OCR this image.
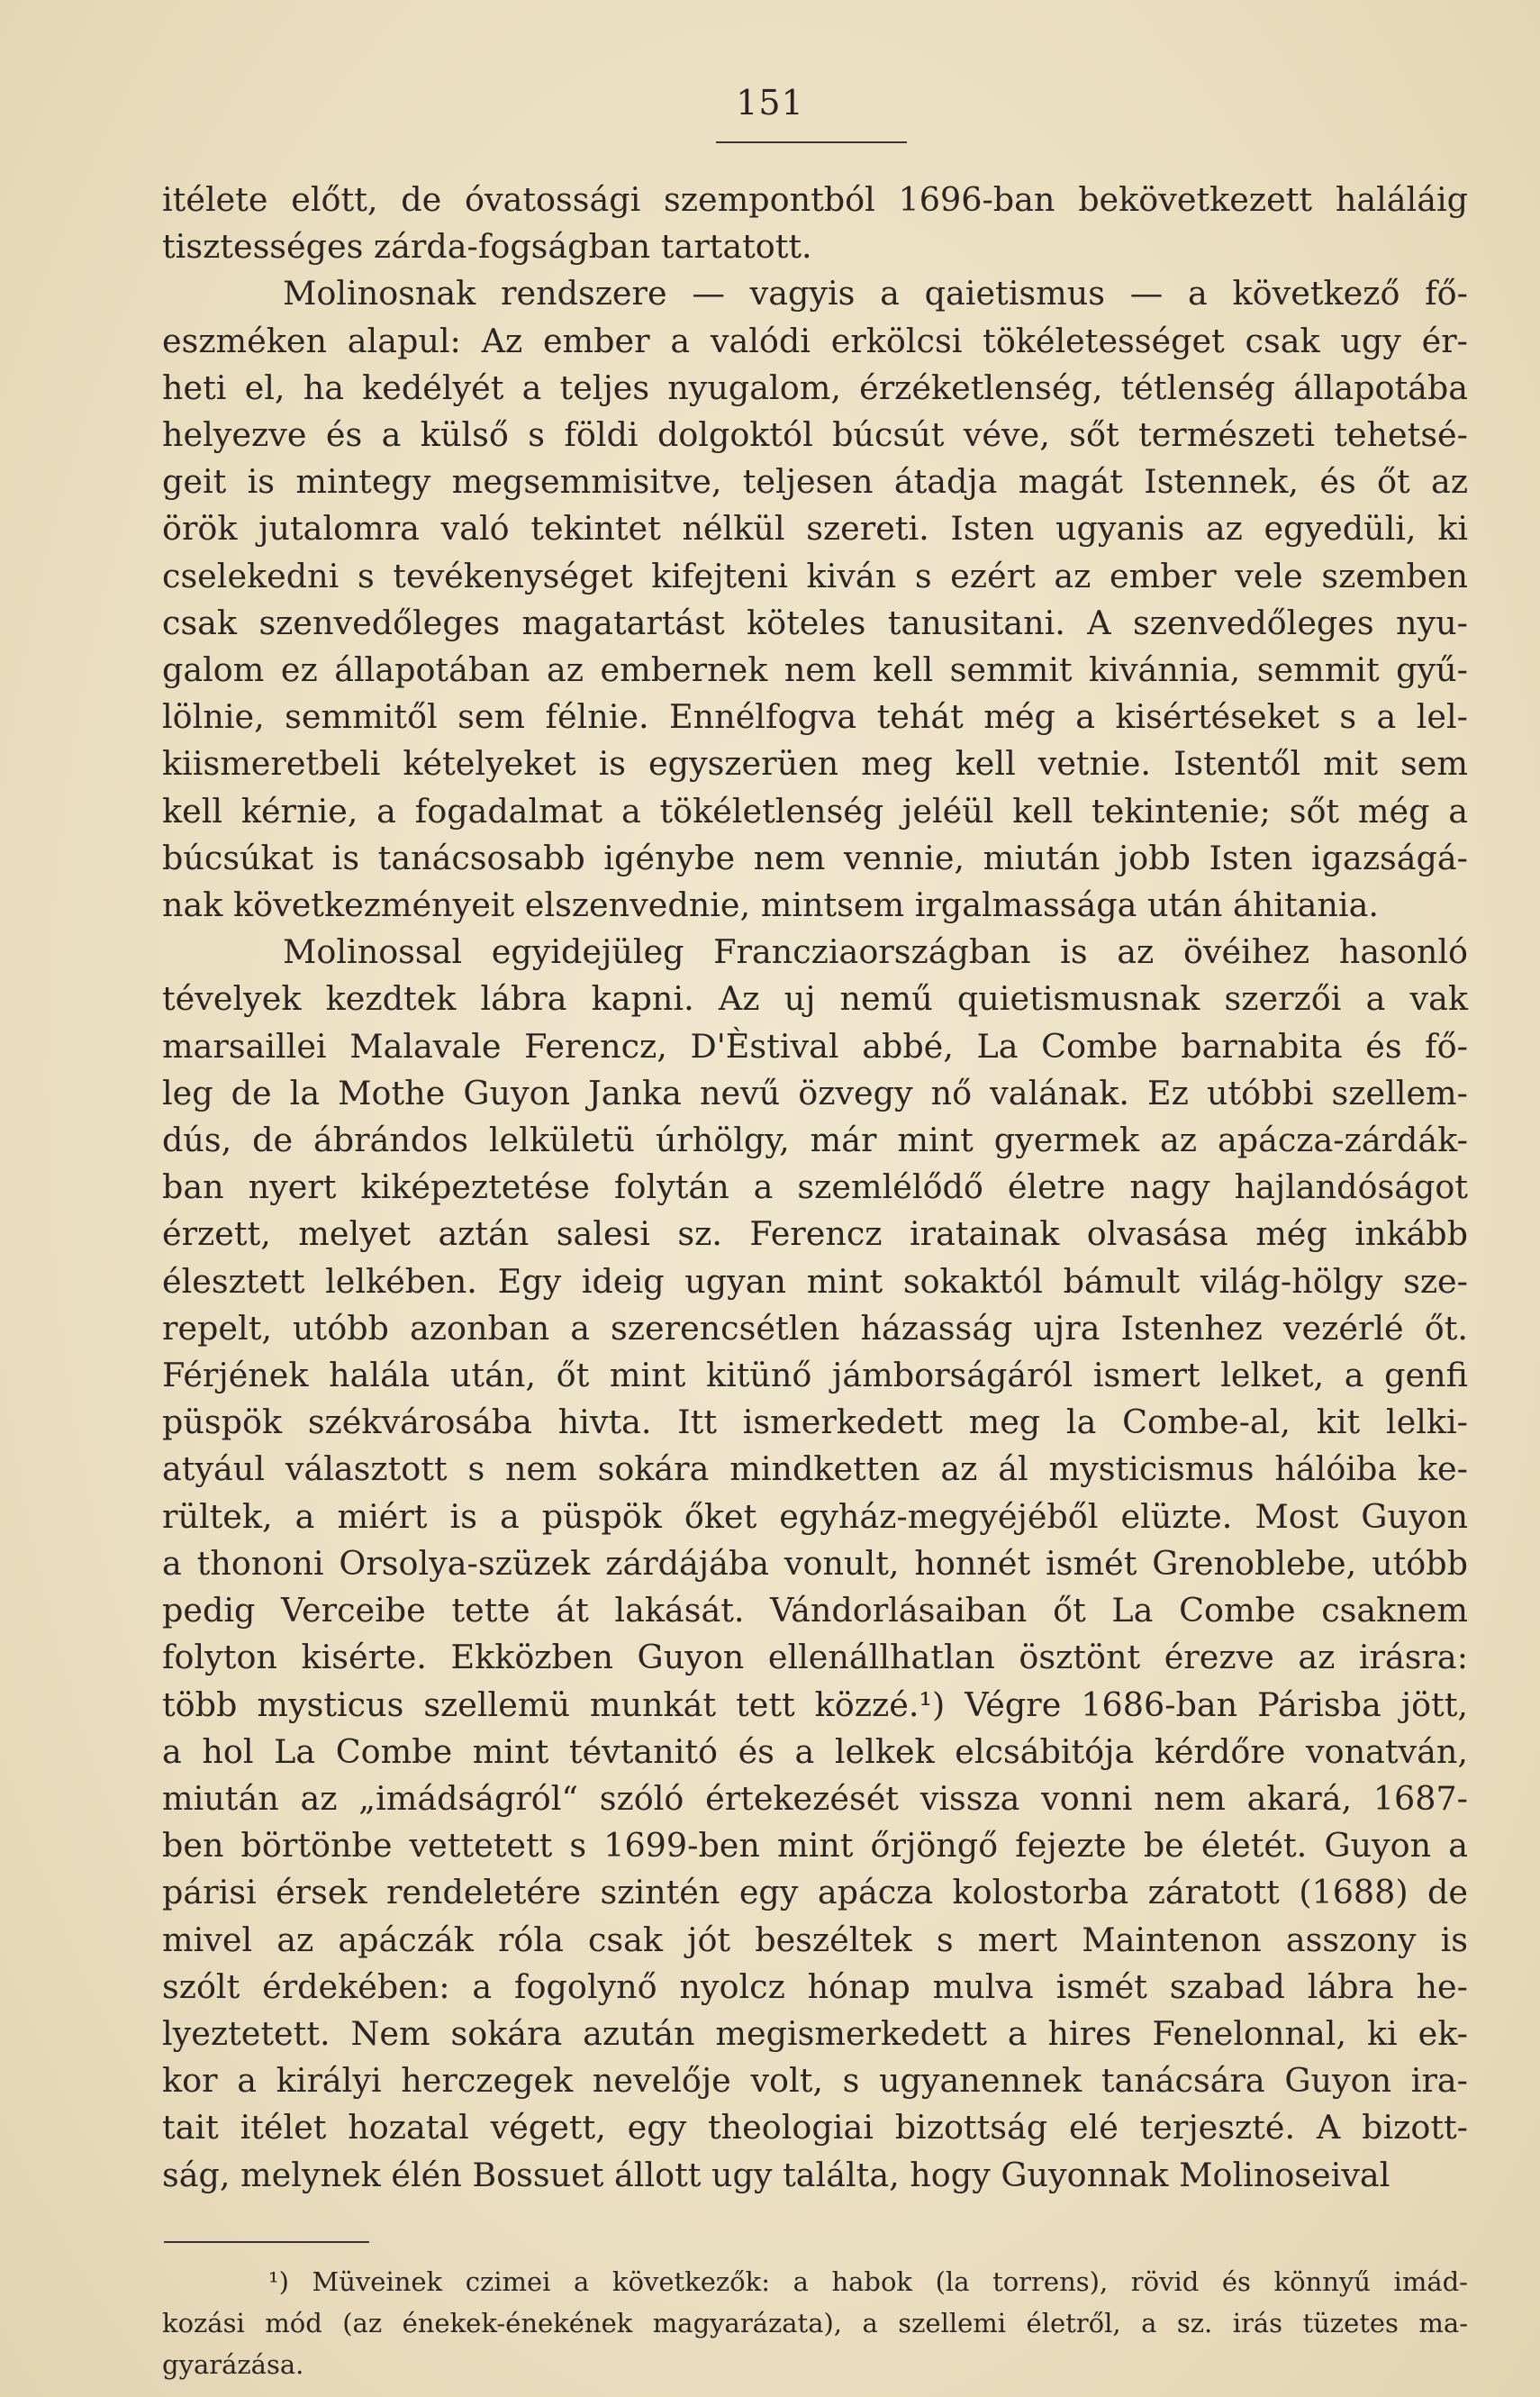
151

itélete előtt, de óvatossági szempontból 1696-ban bekövetkezett haláláig
tisztességes zárda-fogságban tartatott.

Molinosnak rendszere — vagyis a qaietismus — a következő fő-
eszméken alapul: Az ember a valódi erkölcsi tökéletességet csak ugy ér-
heti el, ha kedélyét a teljes nyugalom, érzéketlenség, tétlenség állapotába
helyezve és a külső s földi dolgoktól búcsút véve, sőt természeti tehetsé-
geit is mintegy megsemmisitve, teljesen átadja magát Istennek, és őt az
örök jutalomra való tekintet nélkül szereti. Isten ugyanis az egyedüli, ki
cselekedni s tevékenységet kifejteni kiván s ezért az ember vele szemben
csak szenvedőleges magatartást köteles tanusitani. A szenvedőleges nyu-
galom ez állapotában az embernek nem kell semmit kivánnia, semmit gyű-
lölnie, semmitől sem félnie. Ennélfogva tehát még a kisértéseket s a lel-
kiismeretbeli kételyeket is egyszerüen meg kell vetnie. Istentől mit sem
kell kérnie, a fogadalmat a tökéletlenség jeléül kell tekintenie; sőt még a
búcsúkat is tanácsosabb igénybe nem vennie, miután jobb Isten igazságá-
nak következményeit elszenvednie, mintsem irgalmassága után áhitania.

Molinossal egyidejüleg Francziaországban is az övéihez hasonló
tévelyek kezdtek lábra kapni. Az uj nemű quietismusnak szerzői a vak
marsaillei Malavale Ferencz, D'Èstival abbé, La Combe barnabita és fő-
leg de la Mothe Guyon Janka nevű özvegy nő valának. Ez utóbbi szellem-
dús, de ábrándos lelkületü úrhölgy, már mint gyermek az apácza-zárdák-
ban nyert kiképeztetése folytán a szemlélődő életre nagy hajlandóságot
érzett, melyet aztán salesi sz. Ferencz iratainak olvasása még inkább
élesztett lelkében. Egy ideig ugyan mint sokaktól bámult világ-hölgy sze-
repelt, utóbb azonban a szerencsétlen házasság ujra Istenhez vezérlé őt.
Férjének halála után, őt mint kitünő jámborságáról ismert lelket, a genfi
püspök székvárosába hivta. Itt ismerkedett meg la Combe-al, kit lelki-
atyául választott s nem sokára mindketten az ál mysticismus hálóiba ke-
rültek, a miért is a püspök őket egyház-megyéjéből elüzte. Most Guyon
a thononi Orsolya-szüzek zárdájába vonult, honnét ismét Grenoblebe, utóbb
pedig Verceibe tette át lakását. Vándorlásaiban őt La Combe csaknem
folyton kisérte. Ekközben Guyon ellenállhatlan ösztönt érezve az irásra:
több mysticus szellemü munkát tett közzé.¹) Végre 1686-ban Párisba jött,
a hol La Combe mint tévtanitó és a lelkek elcsábitója kérdőre vonatván,
miután az „imádságról“ szóló értekezését vissza vonni nem akará, 1687-
ben börtönbe vettetett s 1699-ben mint őrjöngő fejezte be életét. Guyon a
párisi érsek rendeletére szintén egy apácza kolostorba záratott (1688) de
mivel az apáczák róla csak jót beszéltek s mert Maintenon asszony is
szólt érdekében: a fogolynő nyolcz hónap mulva ismét szabad lábra he-
lyeztetett. Nem sokára azután megismerkedett a hires Fenelonnal, ki ek-
kor a királyi herczegek nevelője volt, s ugyanennek tanácsára Guyon ira-
tait itélet hozatal végett, egy theologiai bizottság elé terjeszté. A bizott-
ság, melynek élén Bossuet állott ugy találta, hogy Guyonnak Molinoseival

¹) Müveinek czimei a következők: a habok (la torrens), rövid és könnyű imád-
kozási mód (az énekek-énekének magyarázata), a szellemi életről, a sz. irás tüzetes ma-
gyarázása.
